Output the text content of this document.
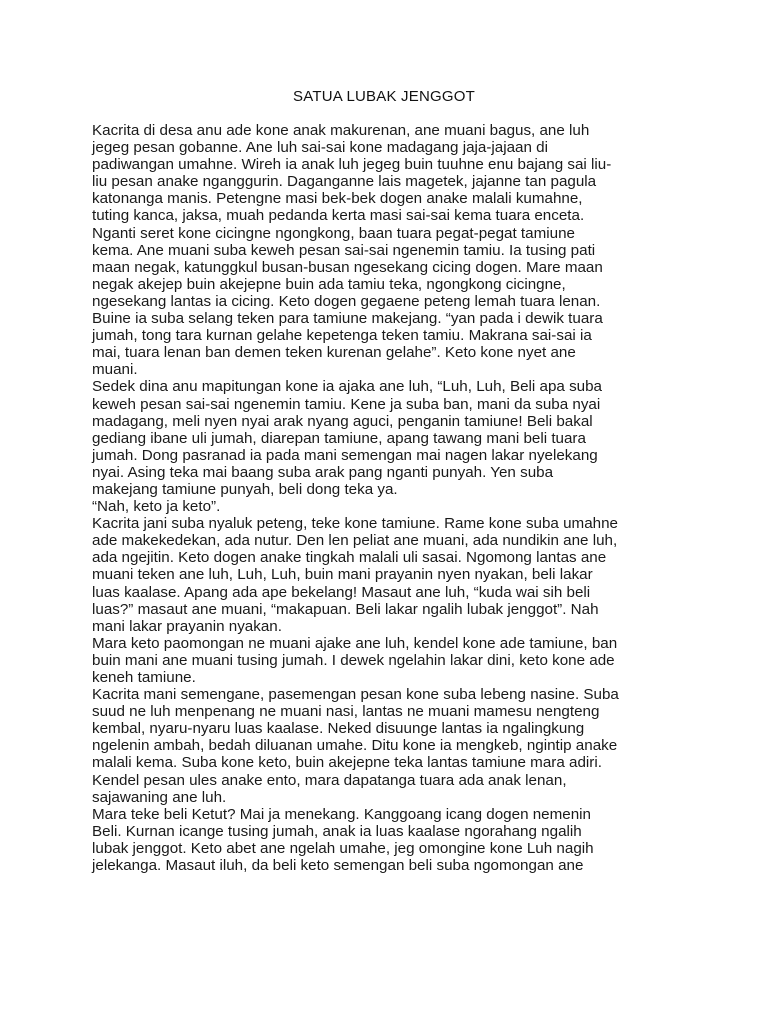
SATUA LUBAK JENGGOT
Kacrita di desa anu ade kone anak makurenan, ane muani bagus, ane luh
jegeg pesan gobanne. Ane luh sai-sai kone madagang jaja-jajaan di
padiwangan umahne. Wireh ia anak luh jegeg buin tuuhne enu bajang sai liu-
liu pesan anake nganggurin. Daganganne lais magetek, jajanne tan pagula
katonanga manis. Petengne masi bek-bek dogen anake malali kumahne,
tuting kanca, jaksa, muah pedanda kerta masi sai-sai kema tuara enceta.
Nganti seret kone cicingne ngongkong, baan tuara pegat-pegat tamiune
kema. Ane muani suba keweh pesan sai-sai ngenemin tamiu. Ia tusing pati
maan negak, katunggkul busan-busan ngesekang cicing dogen. Mare maan
negak akejep buin akejepne buin ada tamiu teka, ngongkong cicingne,
ngesekang lantas ia cicing. Keto dogen gegaene peteng lemah tuara lenan.
Buine ia suba selang teken para tamiune makejang. “yan pada i dewik tuara
jumah, tong tara kurnan gelahe kepetenga teken tamiu. Makrana sai-sai ia
mai, tuara lenan ban demen teken kurenan gelahe”. Keto kone nyet ane
muani.
Sedek dina anu mapitungan kone ia ajaka ane luh, “Luh, Luh, Beli apa suba
keweh pesan sai-sai ngenemin tamiu. Kene ja suba ban, mani da suba nyai
madagang, meli nyen nyai arak nyang aguci, penganin tamiune! Beli bakal
gediang ibane uli jumah, diarepan tamiune, apang tawang mani beli tuara
jumah. Dong pasranad ia pada mani semengan mai nagen lakar nyelekang
nyai. Asing teka mai baang suba arak pang nganti punyah. Yen suba
makejang tamiune punyah, beli dong teka ya.
“Nah, keto ja keto”.
Kacrita jani suba nyaluk peteng, teke kone tamiune. Rame kone suba umahne
ade makekedekan, ada nutur. Den len peliat ane muani, ada nundikin ane luh,
ada ngejitin. Keto dogen anake tingkah malali uli sasai. Ngomong lantas ane
muani teken ane luh, Luh, Luh, buin mani prayanin nyen nyakan, beli lakar
luas kaalase. Apang ada ape bekelang! Masaut ane luh, “kuda wai sih beli
luas?” masaut ane muani, “makapuan. Beli lakar ngalih lubak jenggot”. Nah
mani lakar prayanin nyakan.
Mara keto paomongan ne muani ajake ane luh, kendel kone ade tamiune, ban
buin mani ane muani tusing jumah. I dewek ngelahin lakar dini, keto kone ade
keneh tamiune.
Kacrita mani semengane, pasemengan pesan kone suba lebeng nasine. Suba
suud ne luh menpenang ne muani nasi, lantas ne muani mamesu nengteng
kembal, nyaru-nyaru luas kaalase. Neked disuunge lantas ia ngalingkung
ngelenin ambah, bedah diluanan umahe. Ditu kone ia mengkeb, ngintip anake
malali kema. Suba kone keto, buin akejepne teka lantas tamiune mara adiri.
Kendel pesan ules anake ento, mara dapatanga tuara ada anak lenan,
sajawaning ane luh.
Mara teke beli Ketut? Mai ja menekang. Kanggoang icang dogen nemenin
Beli. Kurnan icange tusing jumah, anak ia luas kaalase ngorahang ngalih
lubak jenggot. Keto abet ane ngelah umahe, jeg omongine kone Luh nagih
jelekanga. Masaut iluh, da beli keto semengan beli suba ngomongan ane
